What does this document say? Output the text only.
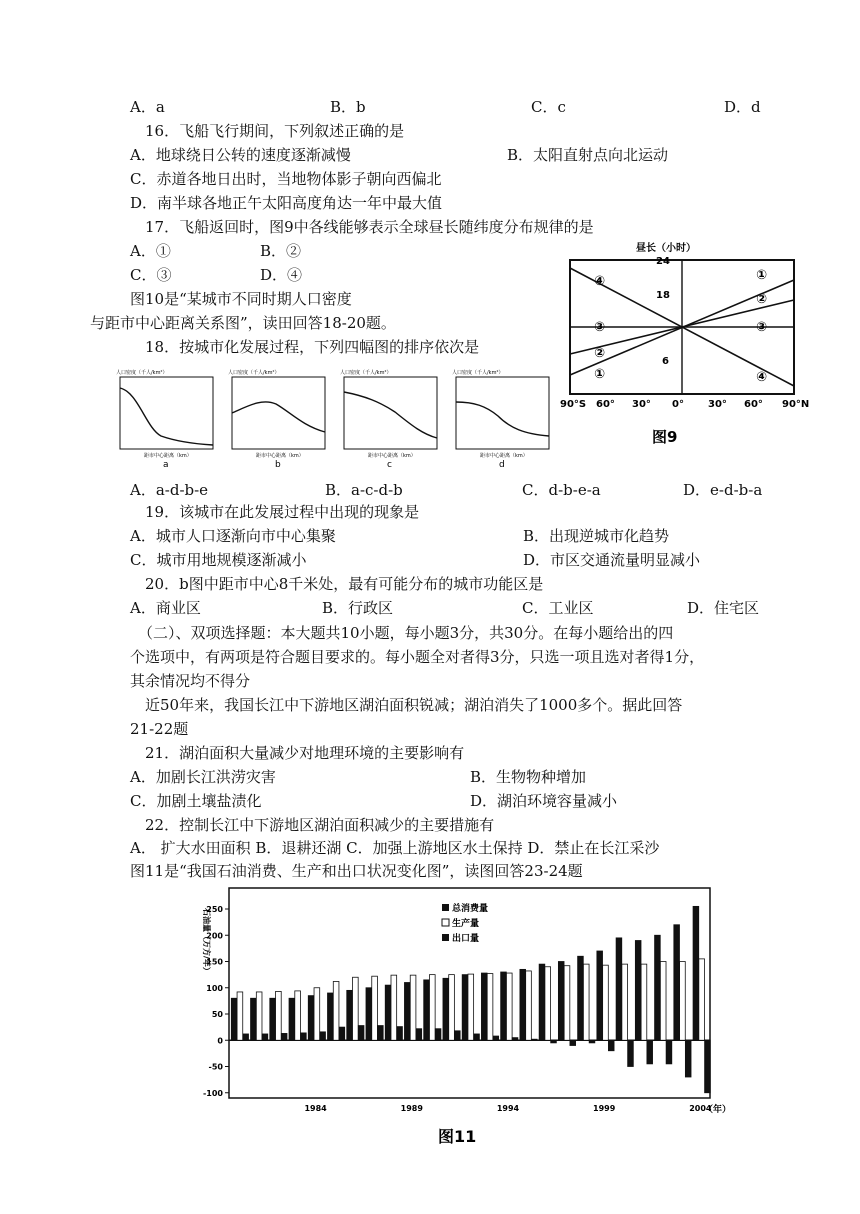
A．a	B．b	C．c	D．d
16．飞船飞行期间，下列叙述正确的是
A．地球绕日公转的速度逐渐减慢	B．太阳直射点向北运动
C．赤道各地日出时，当地物体影子朝向西偏北
D．南半球各地正午太阳高度角达一年中最大值
17．飞船返回时，图9中各线能够表示全球昼长随纬度分布规律的是
A．①	B．②
C．③	D．④
图10是“某城市不同时期人口密度
与距市中心距离关系图”，读田回答18-20题。
18．按城市化发展过程，下列四幅图的排序依次是
A．a-d-b-e	B．a-c-d-b	C．d-b-e-a	D．e-d-b-a
19．该城市在此发展过程中出现的现象是
A．城市人口逐渐向市中心集聚	B．出现逆城市化趋势
C．城市用地规模逐渐减小	D．市区交通流量明显减小
20．b图中距市中心8千米处，最有可能分布的城市功能区是
A．商业区	B．行政区	C．工业区	D．住宅区
（二）、双项选择题：本大题共10小题，每小题3分，共30分。在每小题给出的四
个选项中，有两项是符合题目要求的。每小题全对者得3分，只选一项且选对者得1分，
其余情况均不得分
近50年来，我国长江中下游地区湖泊面积锐减；湖泊消失了1000多个。据此回答
21-22题
21．湖泊面积大量减少对地理环境的主要影响有
A．加剧长江洪涝灾害	B．生物物种增加
C．加剧土壤盐渍化	D．湖泊环境容量减小
22．控制长江中下游地区湖泊面积减少的主要措施有
A． 扩大水田面积 B．退耕还湖 C．加强上游地区水土保持 D．禁止在长江采沙
图11是“我国石油消费、生产和出口状况变化图”，读图回答23-24题
昼长（小时）
24
18
6
④
③
②
①
①
②
③
④
90°S 60° 30° 0° 30° 60° 90°N
图9
人口密度（千人/km²）
距市中心距离（km）
a
人口密度（千人/km²）
距市中心距离（km）
b
人口密度（千人/km²）
距市中心距离（km）
c
人口密度（千人/km²）
距市中心距离（km）
d
石油量（万方/年）
-100
-50
0
50
100
150
200
250
1984	1989	1994	1999	2004
总消费量
生产量
出口量
（年）
图11
